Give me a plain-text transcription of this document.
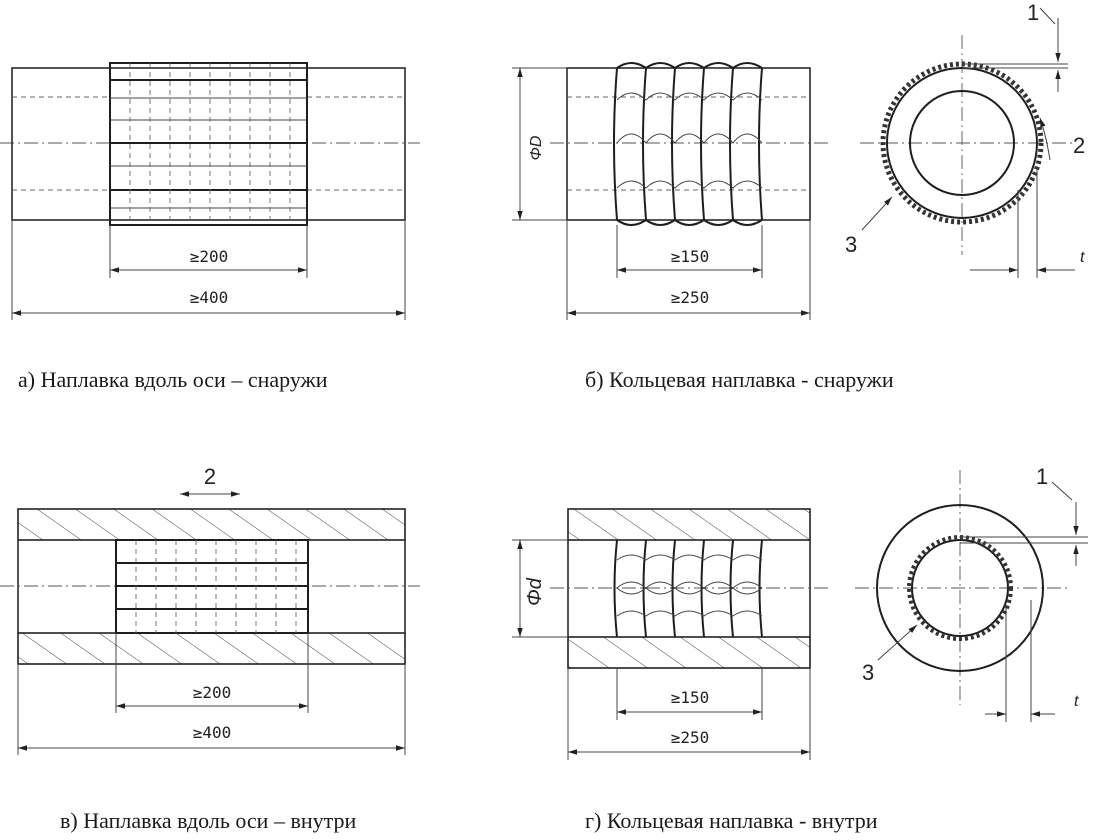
≥200
≥400
а) Наплавка вдоль оси – снаружи
ΦD
≥150
≥250
1
2
3
t
б) Кольцевая наплавка - снаружи
2
≥200
≥400
в) Наплавка вдоль оси – внутри
Φd
≥150
≥250
1
3
t
г) Кольцевая наплавка - внутри
